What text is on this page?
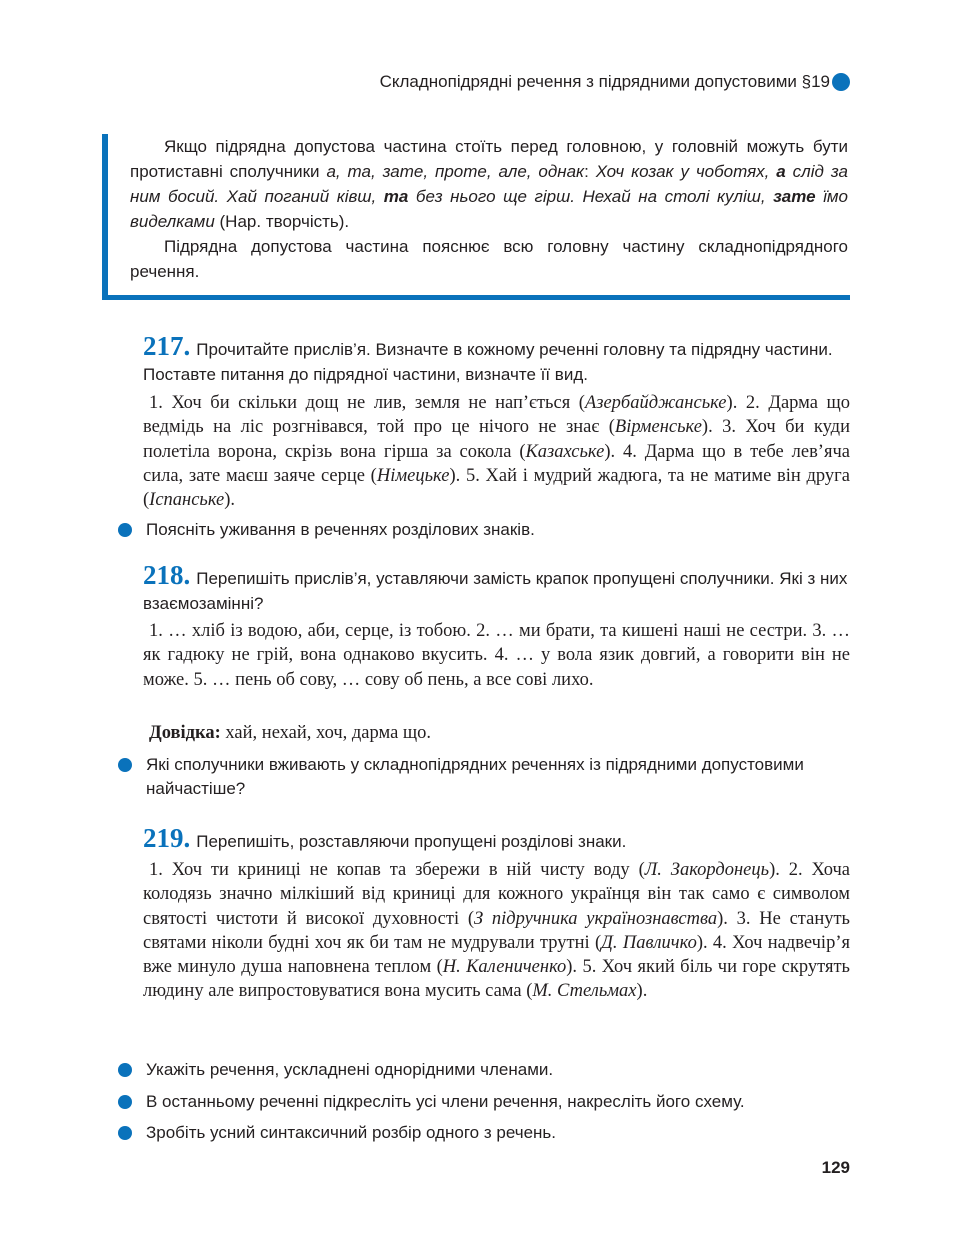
Складнопідрядні речення з підрядними допустовими §19

Якщо підрядна допустова частина стоїть перед головною, у головній можуть бути протиставні сполучники а, та, зате, проте, але, однак: Хоч козак у чоботях, а слід за ним босий. Хай поганий ківш, та без нього ще гірш. Нехай на столі куліш, зате їмо виделками (Нар. творчість).

Підрядна допустова частина пояснює всю головну частину складнопідрядного речення.

217. Прочитайте прислів’я. Визначте в кожному реченні головну та підрядну частини. Поставте питання до підрядної частини, визначте її вид.
1. Хоч би скільки дощ не лив, земля не нап’ється (Азербайджанське). 2. Дарма що ведмідь на ліс розгнівався, той про це нічого не знає (Вірменське). 3. Хоч би куди полетіла ворона, скрізь вона гірша за сокола (Казахське). 4. Дарма що в тебе лев’яча сила, зате маєш заяче серце (Німецьке). 5. Хай і мудрий жадюга, та не матиме він друга (Іспанське).
Поясніть уживання в реченнях розділових знаків.
218. Перепишіть прислів’я, уставляючи замість крапок пропущені сполучники. Які з них взаємозамінні?
1. … хліб із водою, аби, серце, із тобою. 2. … ми брати, та кишені наші не сестри. 3. … як гадюку не грій, вона однаково вкусить. 4. … у вола язик довгий, а говорити він не може. 5. … пень об сову, … сову об пень, а все сові лихо.
Довідка: хай, нехай, хоч, дарма що.
Які сполучники вживають у складнопідрядних реченнях із підрядними допустовими найчастіше?
219. Перепишіть, розставляючи пропущені розділові знаки.
1. Хоч ти криниці не копав та збережи в ній чисту воду (Л. Закордонець). 2. Хоча колодязь значно мілкіший від криниці для кожного українця він так само є символом святості чистоти й високої духовності (З підручника українознавства). 3. Не стануть святами ніколи будні хоч як би там не мудрували трутні (Д. Павличко). 4. Хоч надвечір’я вже минуло душа наповнена теплом (Н. Калениченко). 5. Хоч який біль чи горе скрутять людину але випростовуватися вона мусить сама (М. Стельмах).
Укажіть речення, ускладнені однорідними членами.
В останньому реченні підкресліть усі члени речення, накресліть його схему.
Зробіть усний синтаксичний розбір одного з речень.
129
